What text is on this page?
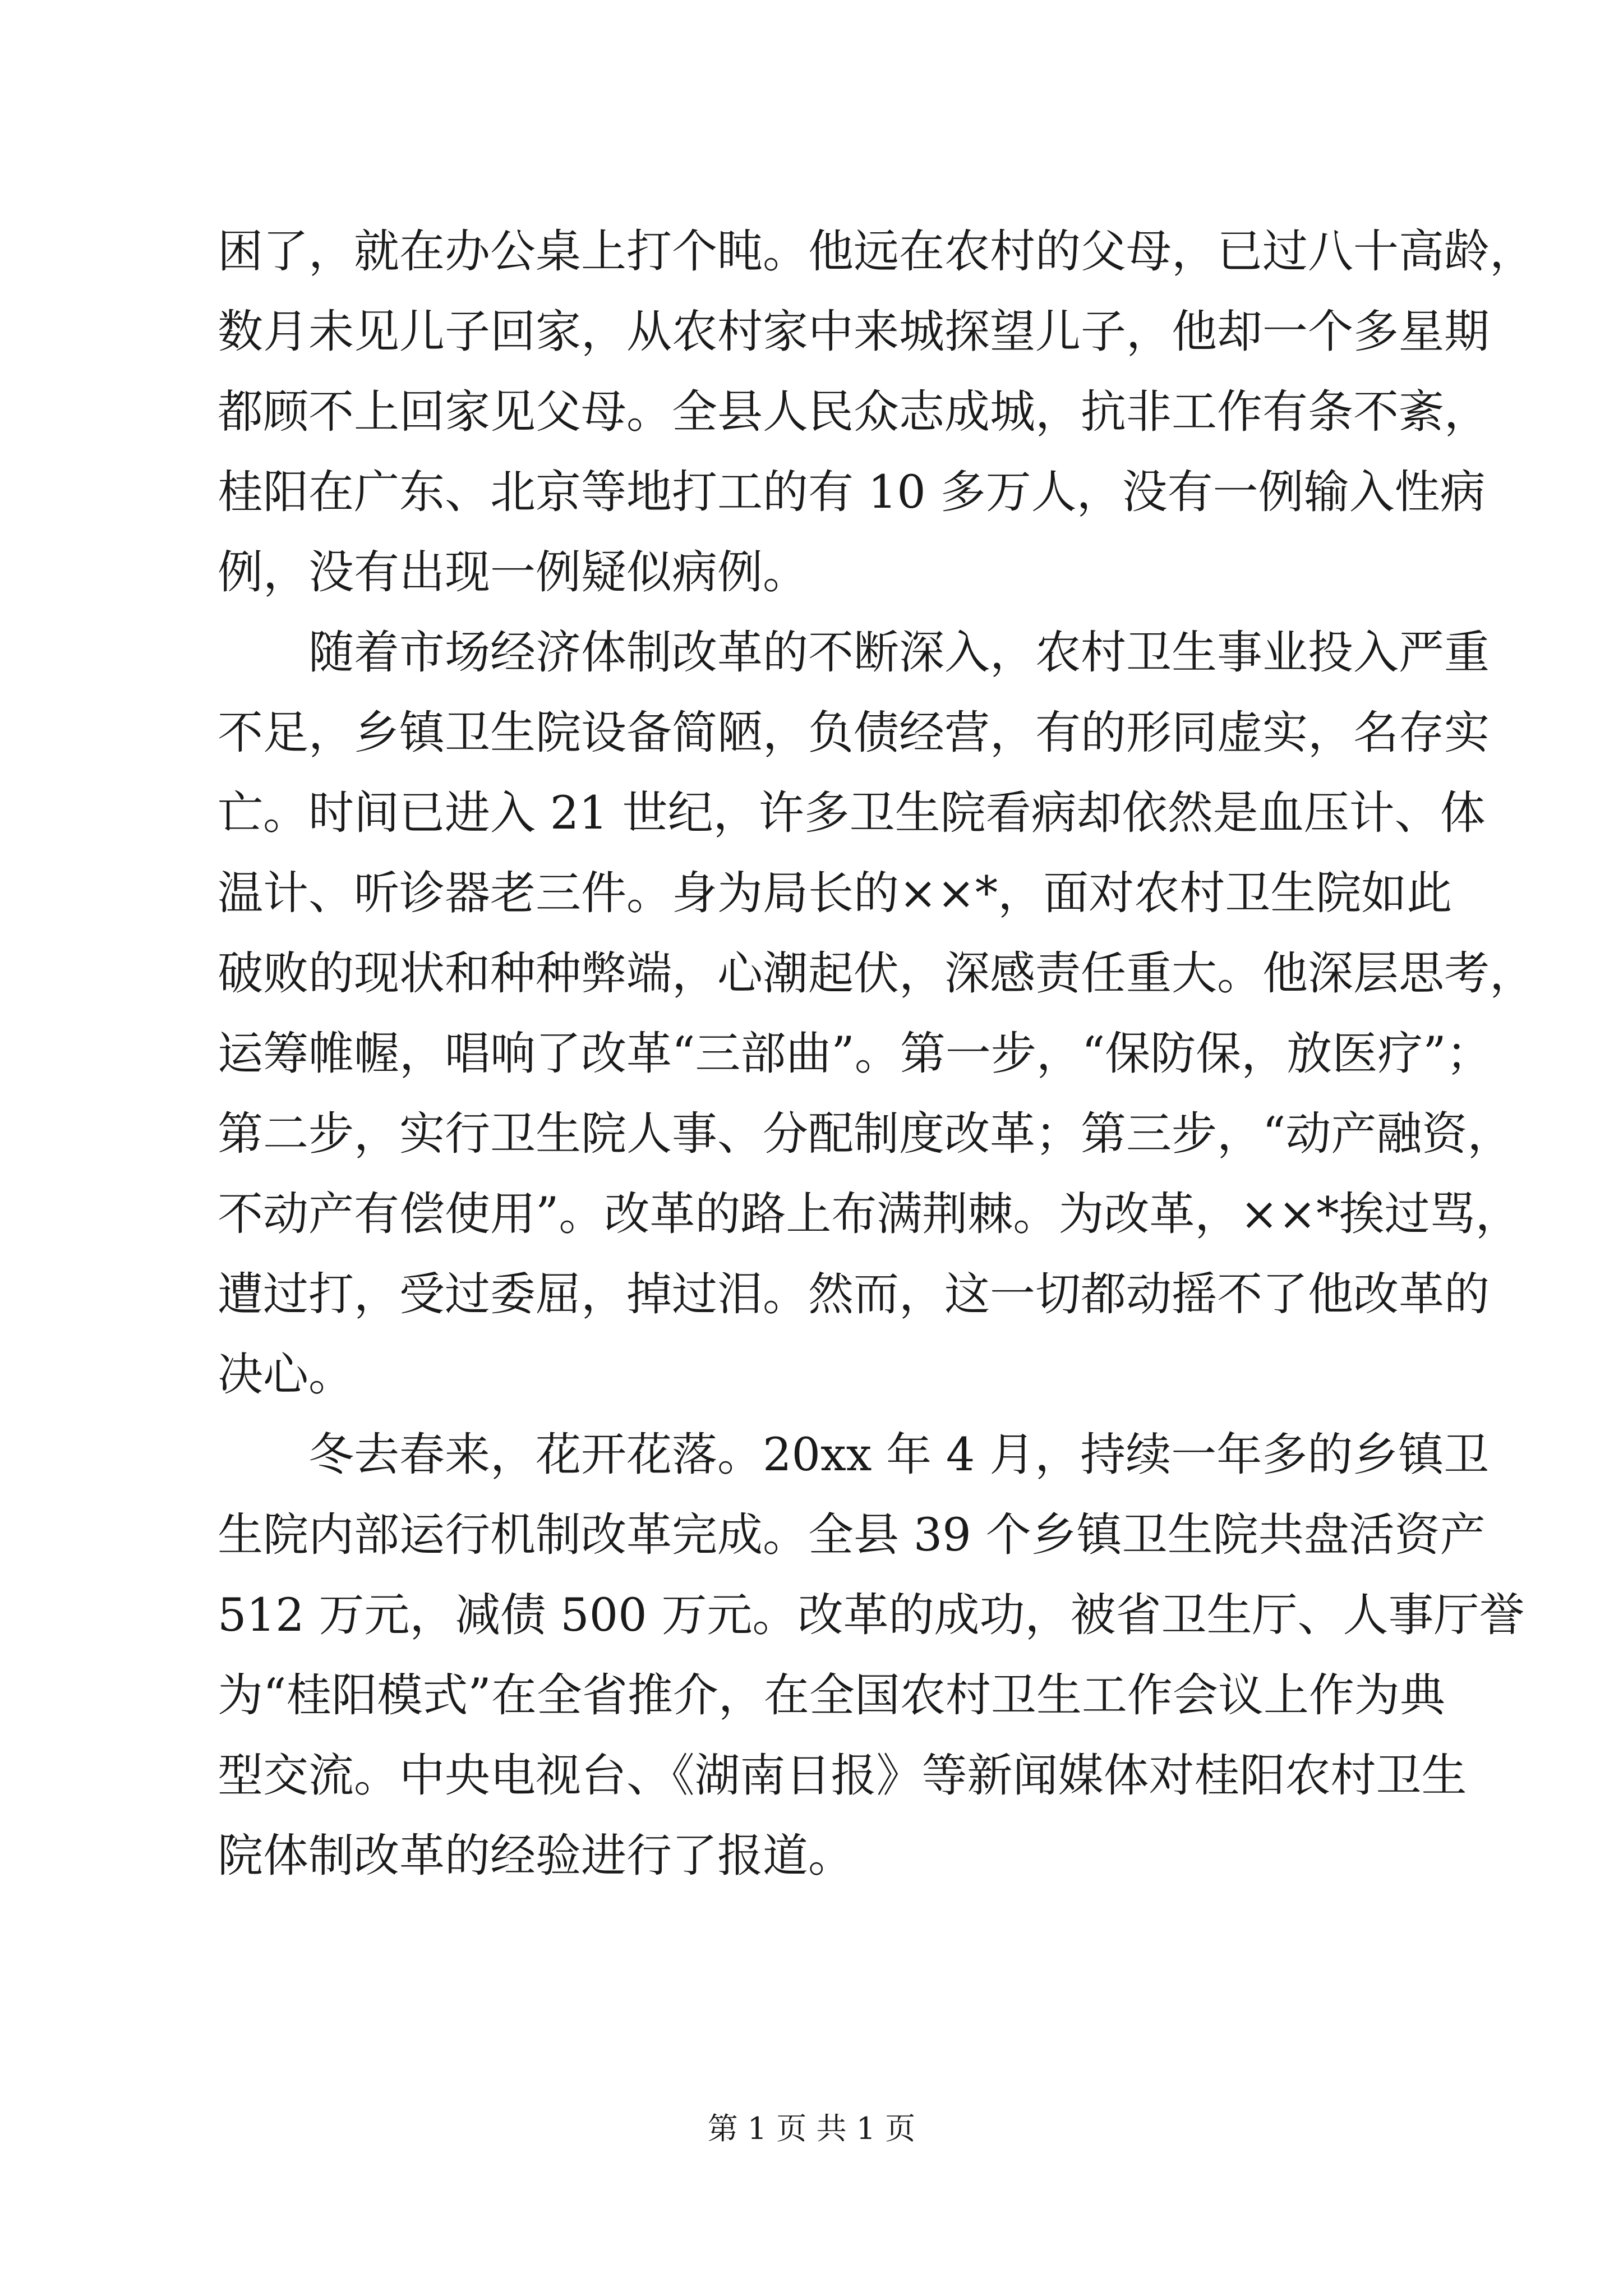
困了，就在办公桌上打个盹。他远在农村的父母，已过八十高龄，
数月未见儿子回家，从农村家中来城探望儿子，他却一个多星期
都顾不上回家见父母。全县人民众志成城，抗非工作有条不紊，
桂阳在广东、北京等地打工的有 10 多万人，没有一例输入性病
例，没有出现一例疑似病例。
随着市场经济体制改革的不断深入，农村卫生事业投入严重
不足，乡镇卫生院设备简陋，负债经营，有的形同虚实，名存实
亡。时间已进入 21 世纪，许多卫生院看病却依然是血压计、体
温计、听诊器老三件。身为局长的××*，面对农村卫生院如此
破败的现状和种种弊端，心潮起伏，深感责任重大。他深层思考，
运筹帷幄，唱响了改革“三部曲”。第一步，“保防保，放医疗”；
第二步，实行卫生院人事、分配制度改革；第三步，“动产融资，
不动产有偿使用”。改革的路上布满荆棘。为改革，××*挨过骂，
遭过打，受过委屈，掉过泪。然而，这一切都动摇不了他改革的
决心。
冬去春来，花开花落。20xx 年 4 月，持续一年多的乡镇卫
生院内部运行机制改革完成。全县 39 个乡镇卫生院共盘活资产
512 万元，减债 500 万元。改革的成功，被省卫生厅、人事厅誉
为“桂阳模式”在全省推介，在全国农村卫生工作会议上作为典
型交流。中央电视台、《湖南日报》等新闻媒体对桂阳农村卫生
院体制改革的经验进行了报道。
第 1 页 共 1 页
